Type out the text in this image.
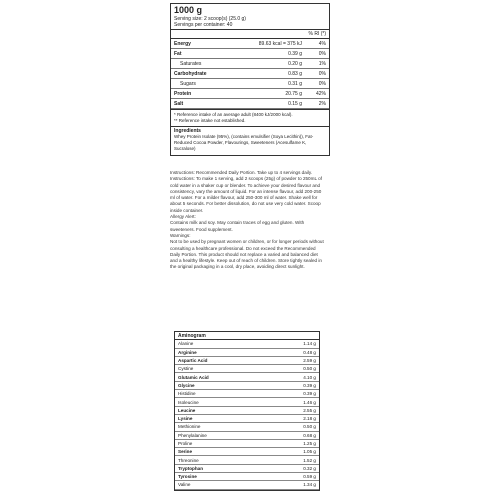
1000 g
Serving size: 2 scoop(s) (25.0 g)
Servings per container: 40
		% RI (*)
Energy	89.63 kcal = 375 kJ	4%
Fat	0.39 g	0%
Saturates	0.20 g	1%
Carbohydrate	0.83 g	0%
Sugars	0.31 g	0%
Protein	20.75 g	42%
Salt	0.15 g	2%
* Reference intake of an average adult (8400 kJ/2000 kcal).
** Reference intake not established.
Ingredients
Whey Protein Isolate (95%), (contains emulsifier (Soya Lecithin)), Fat-Reduced Cocoa Powder, Flavourings, Sweeteners (Acesulfame K, Sucralose)
Instructions: Recommended Daily Portion. Take up to 4 servings daily. Instructions: To make 1 serving, add 2 scoops (25g) of powder to 250mL of cold water in a shaker cup or blender. To achieve your desired flavour and consistency, vary the amount of liquid. For an intense flavour, add 200-250 ml of water. For a milder flavour, add 250-300 ml of water. Shake well for about 5 seconds. For better dissolution, do not use very cold water. Scoop inside container.
Allergy Alert:
Contains milk and soy. May contain traces of egg and gluten. With sweeteners. Food supplement.
Warnings:
Not to be used by pregnant women or children, or for longer periods without consulting a healthcare professional. Do not exceed the Recommended Daily Portion. This product should not replace a varied and balanced diet and a healthy lifestyle. Keep out of reach of children. Store tightly sealed in the original packaging in a cool, dry place, avoiding direct sunlight.
Aminogram	
Alanine	1.14 g
Arginine	0.48 g
Aspartic Acid	2.59 g
Cystine	0.50 g
Glutamic Acid	4.10 g
Glycine	0.39 g
Histidine	0.39 g
Isoleucine	1.46 g
Leucine	2.55 g
Lysine	2.18 g
Methionine	0.50 g
Phenylalanine	0.68 g
Proline	1.25 g
Serine	1.05 g
Threonine	1.52 g
Tryptophan	0.32 g
Tyrosine	0.59 g
Valine	1.34 g
